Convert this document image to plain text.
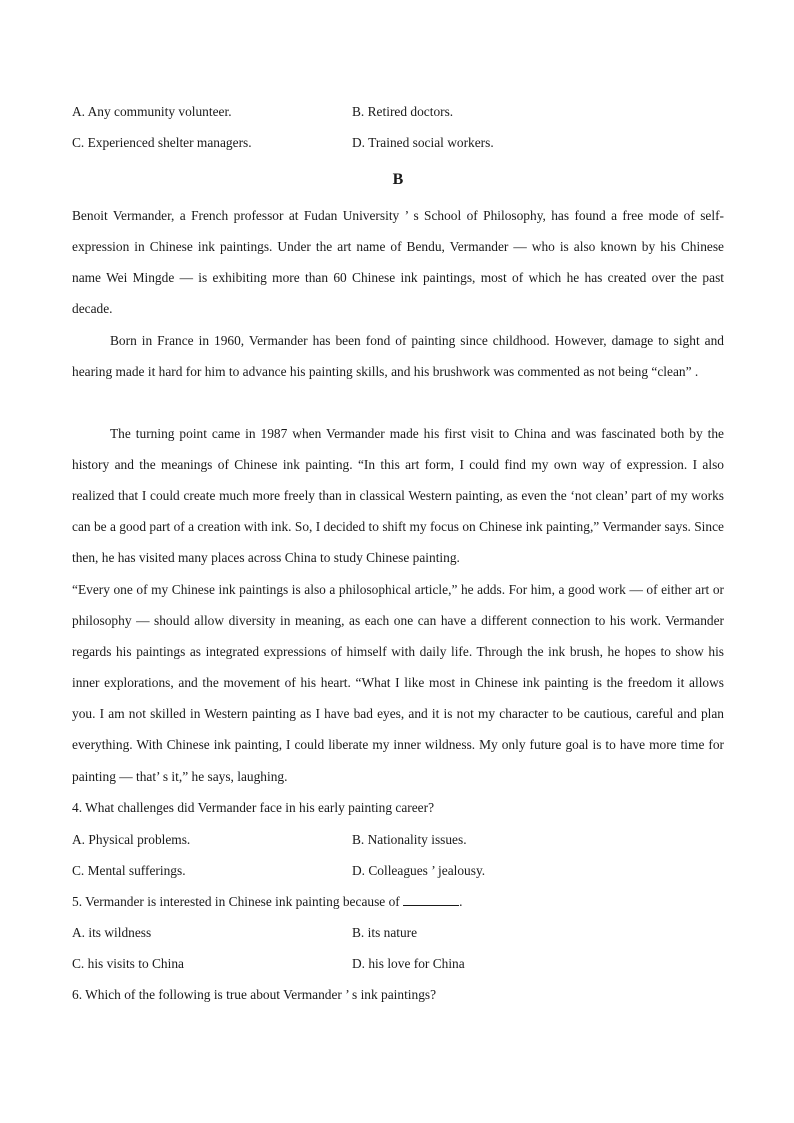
A. Any community volunteer.	B. Retired doctors.
C. Experienced shelter managers.	D. Trained social workers.
B

Benoit Vermander, a French professor at Fudan University ’ s School of Philosophy, has found a free mode of self-expression in Chinese ink paintings. Under the art name of Bendu, Vermander — who is also known by his Chinese name Wei Mingde — is exhibiting more than 60 Chinese ink paintings, most of which he has created over the past decade.

Born in France in 1960, Vermander has been fond of painting since childhood. However, damage to sight and hearing made it hard for him to advance his painting skills, and his brushwork was commented as not being “clean” .

The turning point came in 1987 when Vermander made his first visit to China and was fascinated both by the history and the meanings of Chinese ink painting. “In this art form, I could find my own way of expression. I also realized that I could create much more freely than in classical Western painting, as even the ‘not clean’ part of my works can be a good part of a creation with ink. So, I decided to shift my focus on Chinese ink painting,” Vermander says. Since then, he has visited many places across China to study Chinese painting.

“Every one of my Chinese ink paintings is also a philosophical article,” he adds. For him, a good work — of either art or philosophy — should allow diversity in meaning, as each one can have a different connection to his work. Vermander regards his paintings as integrated expressions of himself with daily life. Through the ink brush, he hopes to show his inner explorations, and the movement of his heart. “What I like most in Chinese ink painting is the freedom it allows you. I am not skilled in Western painting as I have bad eyes, and it is not my character to be cautious, careful and plan everything. With Chinese ink painting, I could liberate my inner wildness. My only future goal is to have more time for painting — that’ s it,” he says, laughing.

4. What challenges did Vermander face in his early painting career?
A. Physical problems.	B. Nationality issues.
C. Mental sufferings.	D. Colleagues ’ jealousy.
5. Vermander is interested in Chinese ink painting because of	.
A. its wildness	B. its nature
C. his visits to China	D. his love for China
6. Which of the following is true about Vermander ’ s ink paintings?
